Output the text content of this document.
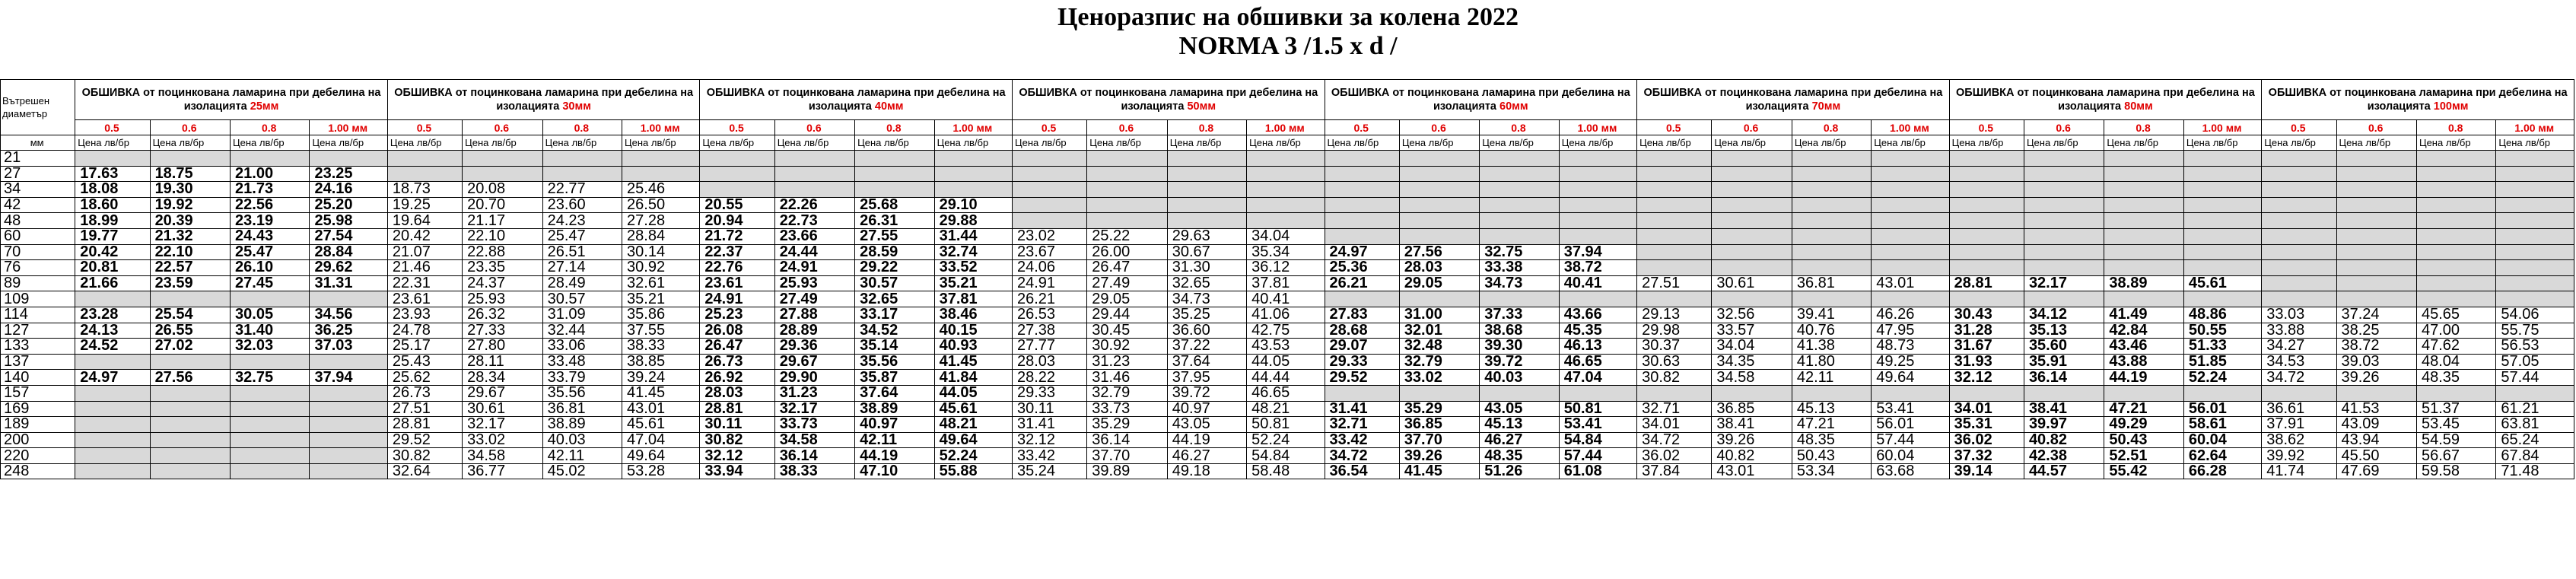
Ценоразпис на обшивки за колена 2022
NORMA 3 /1.5 x d /
Вътрешен диаметър	ОБШИВКА от поцинкована ламарина при дебелина на изолацията 25мм				ОБШИВКА от поцинкована ламарина при дебелина на изолацията 30мм				ОБШИВКА от поцинкована ламарина при дебелина на изолацията 40мм				ОБШИВКА от поцинкована ламарина при дебелина на изолацията 50мм				ОБШИВКА от поцинкована ламарина при дебелина на изолацията 60мм				ОБШИВКА от поцинкована ламарина при дебелина на изолацията 70мм				ОБШИВКА от поцинкована ламарина при дебелина на изолацията 80мм				ОБШИВКА от поцинкована ламарина при дебелина на изолацията 100мм			
	0.5	0.6	0.8	1.00 мм	0.5	0.6	0.8	1.00 мм	0.5	0.6	0.8	1.00 мм	0.5	0.6	0.8	1.00 мм	0.5	0.6	0.8	1.00 мм	0.5	0.6	0.8	1.00 мм	0.5	0.6	0.8	1.00 мм	0.5	0.6	0.8	1.00 мм
мм	Цена лв/бр	Цена лв/бр	Цена лв/бр	Цена лв/бр	Цена лв/бр	Цена лв/бр	Цена лв/бр	Цена лв/бр	Цена лв/бр	Цена лв/бр	Цена лв/бр	Цена лв/бр	Цена лв/бр	Цена лв/бр	Цена лв/бр	Цена лв/бр	Цена лв/бр	Цена лв/бр	Цена лв/бр	Цена лв/бр	Цена лв/бр	Цена лв/бр	Цена лв/бр	Цена лв/бр	Цена лв/бр	Цена лв/бр	Цена лв/бр	Цена лв/бр	Цена лв/бр	Цена лв/бр	Цена лв/бр	Цена лв/бр
21																																
27	17.63	18.75	21.00	23.25																												
34	18.08	19.30	21.73	24.16	18.73	20.08	22.77	25.46																								
42	18.60	19.92	22.56	25.20	19.25	20.70	23.60	26.50	20.55	22.26	25.68	29.10																				
48	18.99	20.39	23.19	25.98	19.64	21.17	24.23	27.28	20.94	22.73	26.31	29.88																				
60	19.77	21.32	24.43	27.54	20.42	22.10	25.47	28.84	21.72	23.66	27.55	31.44	23.02	25.22	29.63	34.04																
70	20.42	22.10	25.47	28.84	21.07	22.88	26.51	30.14	22.37	24.44	28.59	32.74	23.67	26.00	30.67	35.34	24.97	27.56	32.75	37.94												
76	20.81	22.57	26.10	29.62	21.46	23.35	27.14	30.92	22.76	24.91	29.22	33.52	24.06	26.47	31.30	36.12	25.36	28.03	33.38	38.72												
89	21.66	23.59	27.45	31.31	22.31	24.37	28.49	32.61	23.61	25.93	30.57	35.21	24.91	27.49	32.65	37.81	26.21	29.05	34.73	40.41	27.51	30.61	36.81	43.01	28.81	32.17	38.89	45.61				
109					23.61	25.93	30.57	35.21	24.91	27.49	32.65	37.81	26.21	29.05	34.73	40.41																
114	23.28	25.54	30.05	34.56	23.93	26.32	31.09	35.86	25.23	27.88	33.17	38.46	26.53	29.44	35.25	41.06	27.83	31.00	37.33	43.66	29.13	32.56	39.41	46.26	30.43	34.12	41.49	48.86	33.03	37.24	45.65	54.06
127	24.13	26.55	31.40	36.25	24.78	27.33	32.44	37.55	26.08	28.89	34.52	40.15	27.38	30.45	36.60	42.75	28.68	32.01	38.68	45.35	29.98	33.57	40.76	47.95	31.28	35.13	42.84	50.55	33.88	38.25	47.00	55.75
133	24.52	27.02	32.03	37.03	25.17	27.80	33.06	38.33	26.47	29.36	35.14	40.93	27.77	30.92	37.22	43.53	29.07	32.48	39.30	46.13	30.37	34.04	41.38	48.73	31.67	35.60	43.46	51.33	34.27	38.72	47.62	56.53
137					25.43	28.11	33.48	38.85	26.73	29.67	35.56	41.45	28.03	31.23	37.64	44.05	29.33	32.79	39.72	46.65	30.63	34.35	41.80	49.25	31.93	35.91	43.88	51.85	34.53	39.03	48.04	57.05
140	24.97	27.56	32.75	37.94	25.62	28.34	33.79	39.24	26.92	29.90	35.87	41.84	28.22	31.46	37.95	44.44	29.52	33.02	40.03	47.04	30.82	34.58	42.11	49.64	32.12	36.14	44.19	52.24	34.72	39.26	48.35	57.44
157					26.73	29.67	35.56	41.45	28.03	31.23	37.64	44.05	29.33	32.79	39.72	46.65																
169					27.51	30.61	36.81	43.01	28.81	32.17	38.89	45.61	30.11	33.73	40.97	48.21	31.41	35.29	43.05	50.81	32.71	36.85	45.13	53.41	34.01	38.41	47.21	56.01	36.61	41.53	51.37	61.21
189					28.81	32.17	38.89	45.61	30.11	33.73	40.97	48.21	31.41	35.29	43.05	50.81	32.71	36.85	45.13	53.41	34.01	38.41	47.21	56.01	35.31	39.97	49.29	58.61	37.91	43.09	53.45	63.81
200					29.52	33.02	40.03	47.04	30.82	34.58	42.11	49.64	32.12	36.14	44.19	52.24	33.42	37.70	46.27	54.84	34.72	39.26	48.35	57.44	36.02	40.82	50.43	60.04	38.62	43.94	54.59	65.24
220					30.82	34.58	42.11	49.64	32.12	36.14	44.19	52.24	33.42	37.70	46.27	54.84	34.72	39.26	48.35	57.44	36.02	40.82	50.43	60.04	37.32	42.38	52.51	62.64	39.92	45.50	56.67	67.84
248					32.64	36.77	45.02	53.28	33.94	38.33	47.10	55.88	35.24	39.89	49.18	58.48	36.54	41.45	51.26	61.08	37.84	43.01	53.34	63.68	39.14	44.57	55.42	66.28	41.74	47.69	59.58	71.48
